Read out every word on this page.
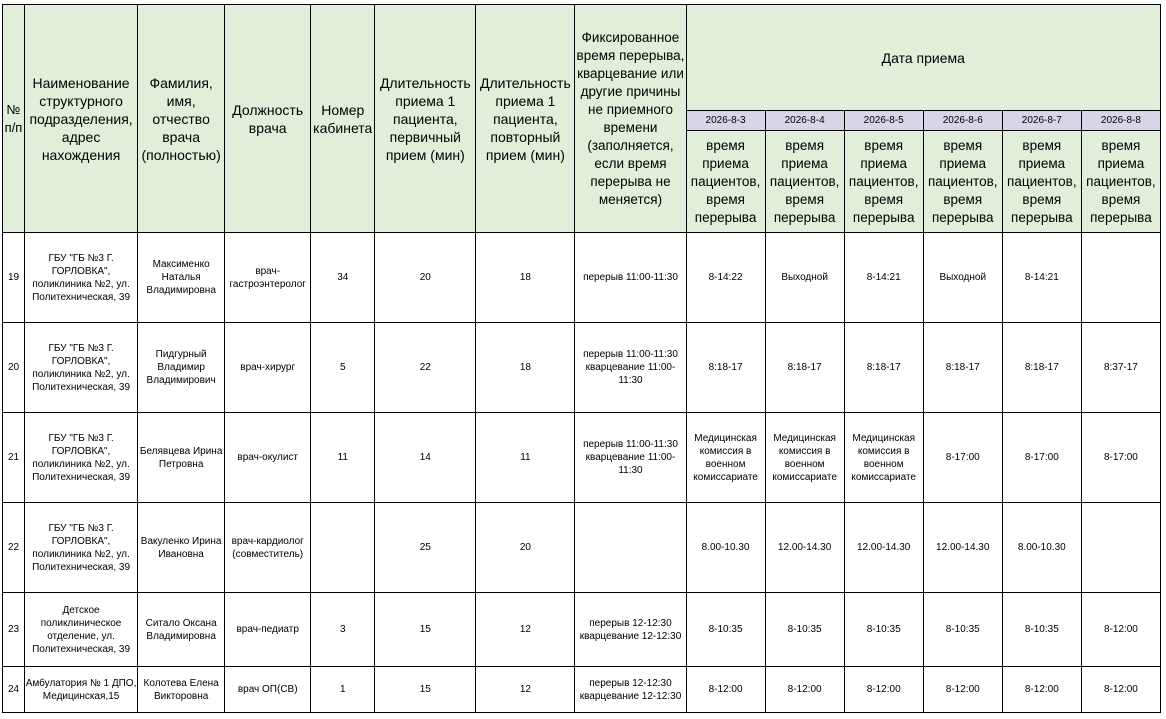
№ п/п	Наименование структурного подразделения, адрес нахождения	Фамилия, имя, отчество врача (полностью)	Должность врача	Номер кабинета	Длительность приема 1 пациента, первичный прием (мин)	Длительность приема 1 пациента, повторный прием (мин)	Фиксированное время перерыва, кварцевание или другие причины не приемного времени (заполняется, если время перерыва не меняется)	Дата приема					
								2026-8-3	2026-8-4	2026-8-5	2026-8-6	2026-8-7	2026-8-8
								время приема пациентов, время перерыва	время приема пациентов, время перерыва	время приема пациентов, время перерыва	время приема пациентов, время перерыва	время приема пациентов, время перерыва	время приема пациентов, время перерыва
19	ГБУ "ГБ №3 Г. ГОРЛОВКА", поликлиника №2, ул. Политехническая, 39	Максименко Наталья Владимировна	врач-гастроэнтеролог	34	20	18	перерыв 11:00-11:30	8-14:22	Выходной	8-14:21	Выходной	8-14:21	
20	ГБУ "ГБ №3 Г. ГОРЛОВКА", поликлиника №2, ул. Политехническая, 39	Пидгурный Владимир Владимирович	врач-хирург	5	22	18	перерыв 11:00-11:30 кварцевание 11:00-11:30	8:18-17	8:18-17	8:18-17	8:18-17	8:18-17	8:37-17
21	ГБУ "ГБ №3 Г. ГОРЛОВКА", поликлиника №2, ул. Политехническая, 39	Белявцева Ирина Петровна	врач-окулист	11	14	11	перерыв 11:00-11:30 кварцевание 11:00-11:30	Медицинская комиссия в военном комиссариате	Медицинская комиссия в военном комиссариате	Медицинская комиссия в военном комиссариате	8-17:00	8-17:00	8-17:00
22	ГБУ "ГБ №3 Г. ГОРЛОВКА", поликлиника №2, ул. Политехническая, 39	Вакуленко Ирина Ивановна	врач-кардиолог (совместитель)		25	20		8.00-10.30	12.00-14.30	12.00-14.30	12.00-14.30	8.00-10.30	
23	Детское поликлиническое отделение, ул. Политехническая, 39	Ситало Оксана Владимировна	врач-педиатр	3	15	12	перерыв 12-12:30 кварцевание 12-12:30	8-10:35	8-10:35	8-10:35	8-10:35	8-10:35	8-12:00
24	Амбулатория № 1 ДПО, Медицинская,15	Колотева Елена Викторовна	врач ОП(СВ)	1	15	12	перерыв 12-12:30 кварцевание 12-12:30	8-12:00	8-12:00	8-12:00	8-12:00	8-12:00	8-12:00
